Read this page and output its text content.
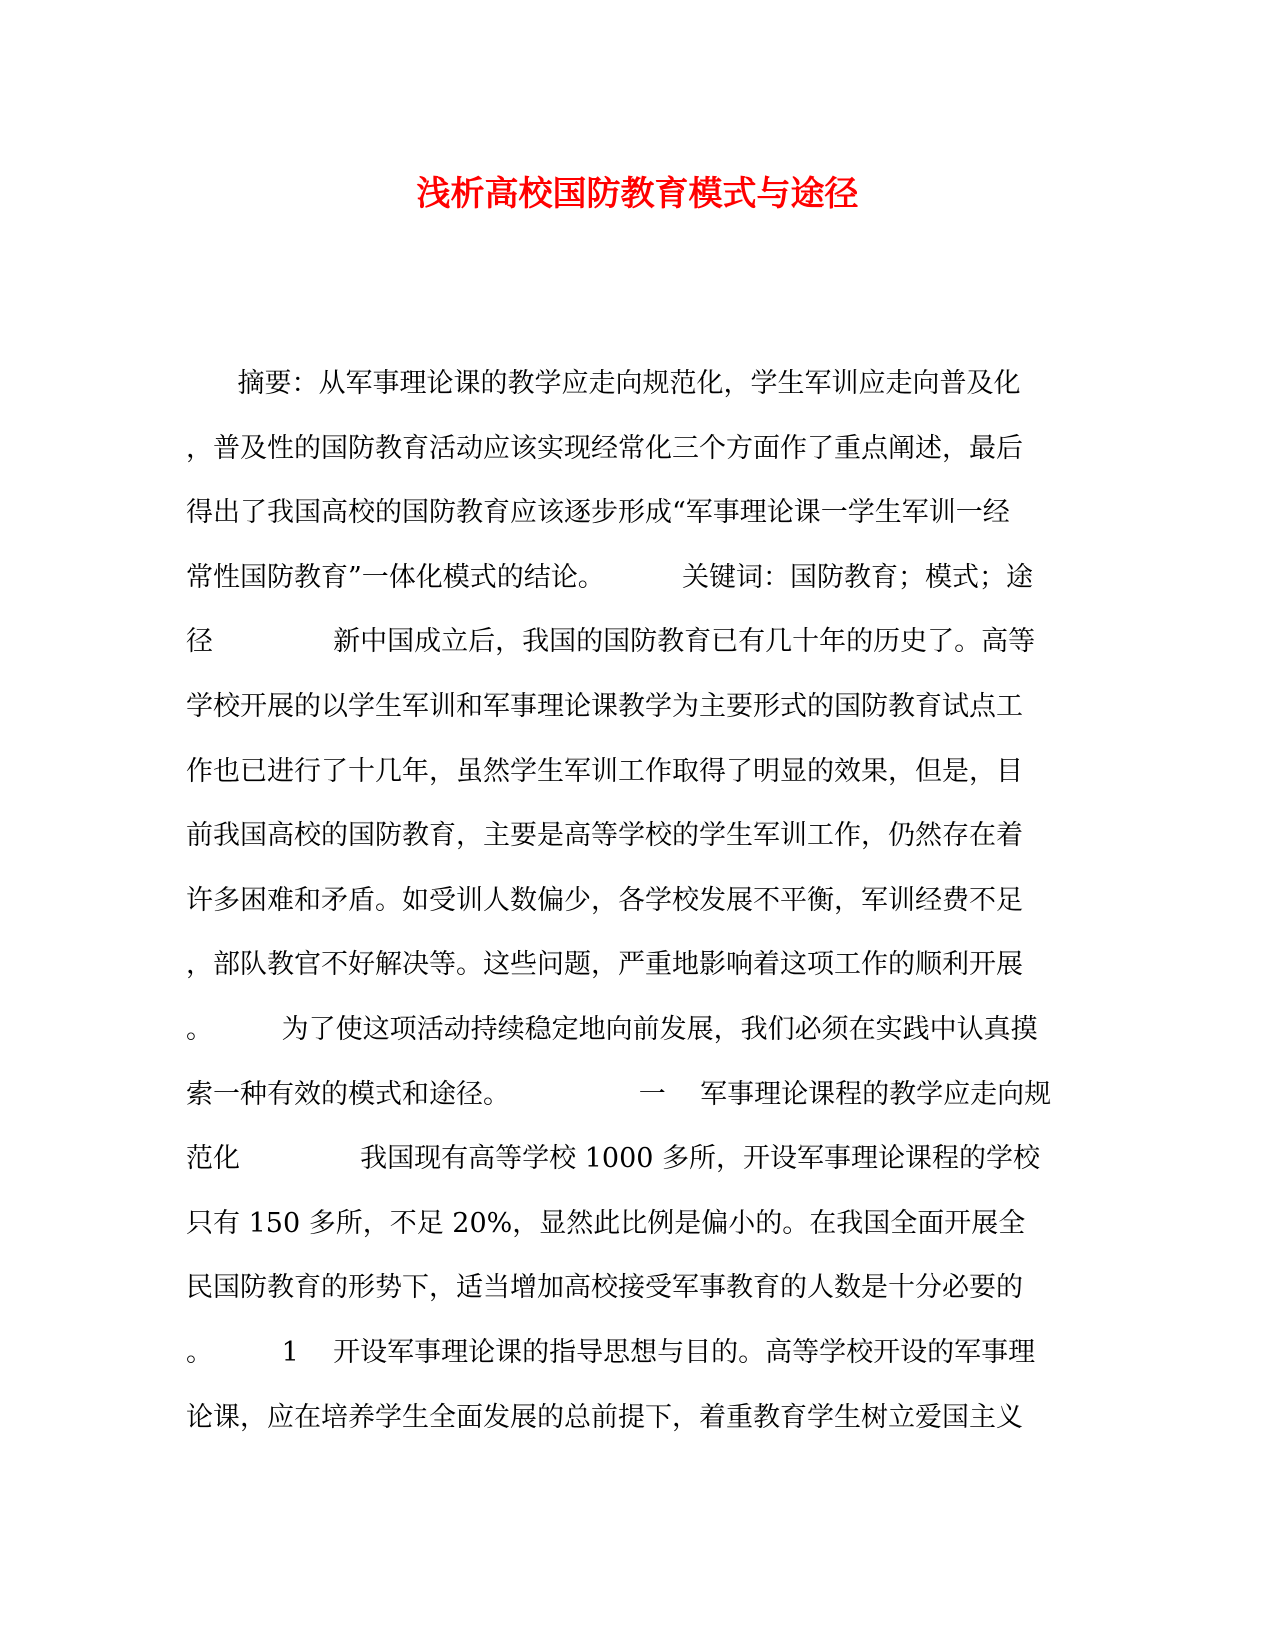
浅析高校国防教育模式与途径

摘要：从军事理论课的教学应走向规范化，学生军训应走向普及化

，普及性的国防教育活动应该实现经常化三个方面作了重点阐述，最后

得出了我国高校的国防教育应该逐步形成“军事理论课一学生军训一经

常性国防教育”一体化模式的结论。         关键词：国防教育；模式；途

径              新中国成立后，我国的国防教育已有几十年的历史了。高等

学校开展的以学生军训和军事理论课教学为主要形式的国防教育试点工

作也已进行了十几年，虽然学生军训工作取得了明显的效果，但是，目

前我国高校的国防教育，主要是高等学校的学生军训工作，仍然存在着

许多困难和矛盾。如受训人数偏少，各学校发展不平衡，军训经费不足

，部队教官不好解决等。这些问题，严重地影响着这项工作的顺利开展

。        为了使这项活动持续稳定地向前发展，我们必须在实践中认真摸

索一种有效的模式和途径。               一    军事理论课程的教学应走向规

范化              我国现有高等学校 1000 多所，开设军事理论课程的学校

只有 150 多所，不足 20%，显然此比例是偏小的。在我国全面开展全

民国防教育的形势下，适当增加高校接受军事教育的人数是十分必要的

。        1    开设军事理论课的指导思想与目的。高等学校开设的军事理

论课，应在培养学生全面发展的总前提下，着重教育学生树立爱国主义
